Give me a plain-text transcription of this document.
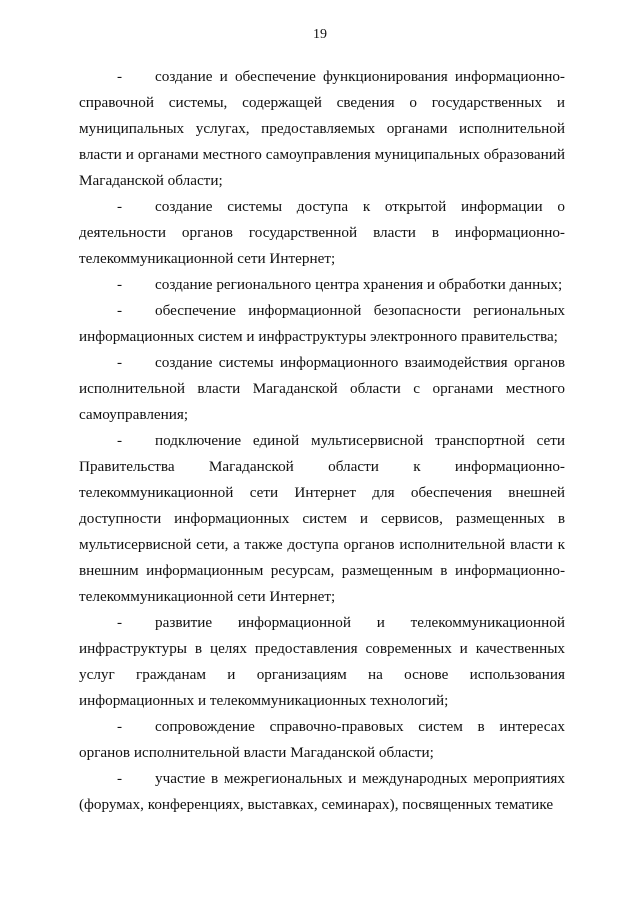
19

- создание и обеспечение функционирования информационно-справочной системы, содержащей сведения о государственных и муниципальных услугах, предоставляемых органами исполнительной власти и органами местного самоуправления муниципальных образований Магаданской области;

- создание системы доступа к открытой информации о деятельности органов государственной власти в информационно-телекоммуникационной сети Интернет;

- создание регионального центра хранения и обработки данных;

- обеспечение информационной безопасности региональных информационных систем и инфраструктуры электронного правительства;

- создание системы информационного взаимодействия органов исполнительной власти Магаданской области с органами местного самоуправления;

- подключение единой мультисервисной транспортной сети Правительства Магаданской области к информационно-телекоммуникационной сети Интернет для обеспечения внешней доступности информационных систем и сервисов, размещенных в мультисервисной сети, а также доступа органов исполнительной власти к внешним информационным ресурсам, размещенным в информационно-телекоммуникационной сети Интернет;

- развитие информационной и телекоммуникационной инфраструктуры в целях предоставления современных и качественных услуг гражданам и организациям на основе использования информационных и телекоммуникационных технологий;

- сопровождение справочно-правовых систем в интересах органов исполнительной власти Магаданской области;

- участие в межрегиональных и международных мероприятиях (форумах, конференциях, выставках, семинарах), посвященных тематике
